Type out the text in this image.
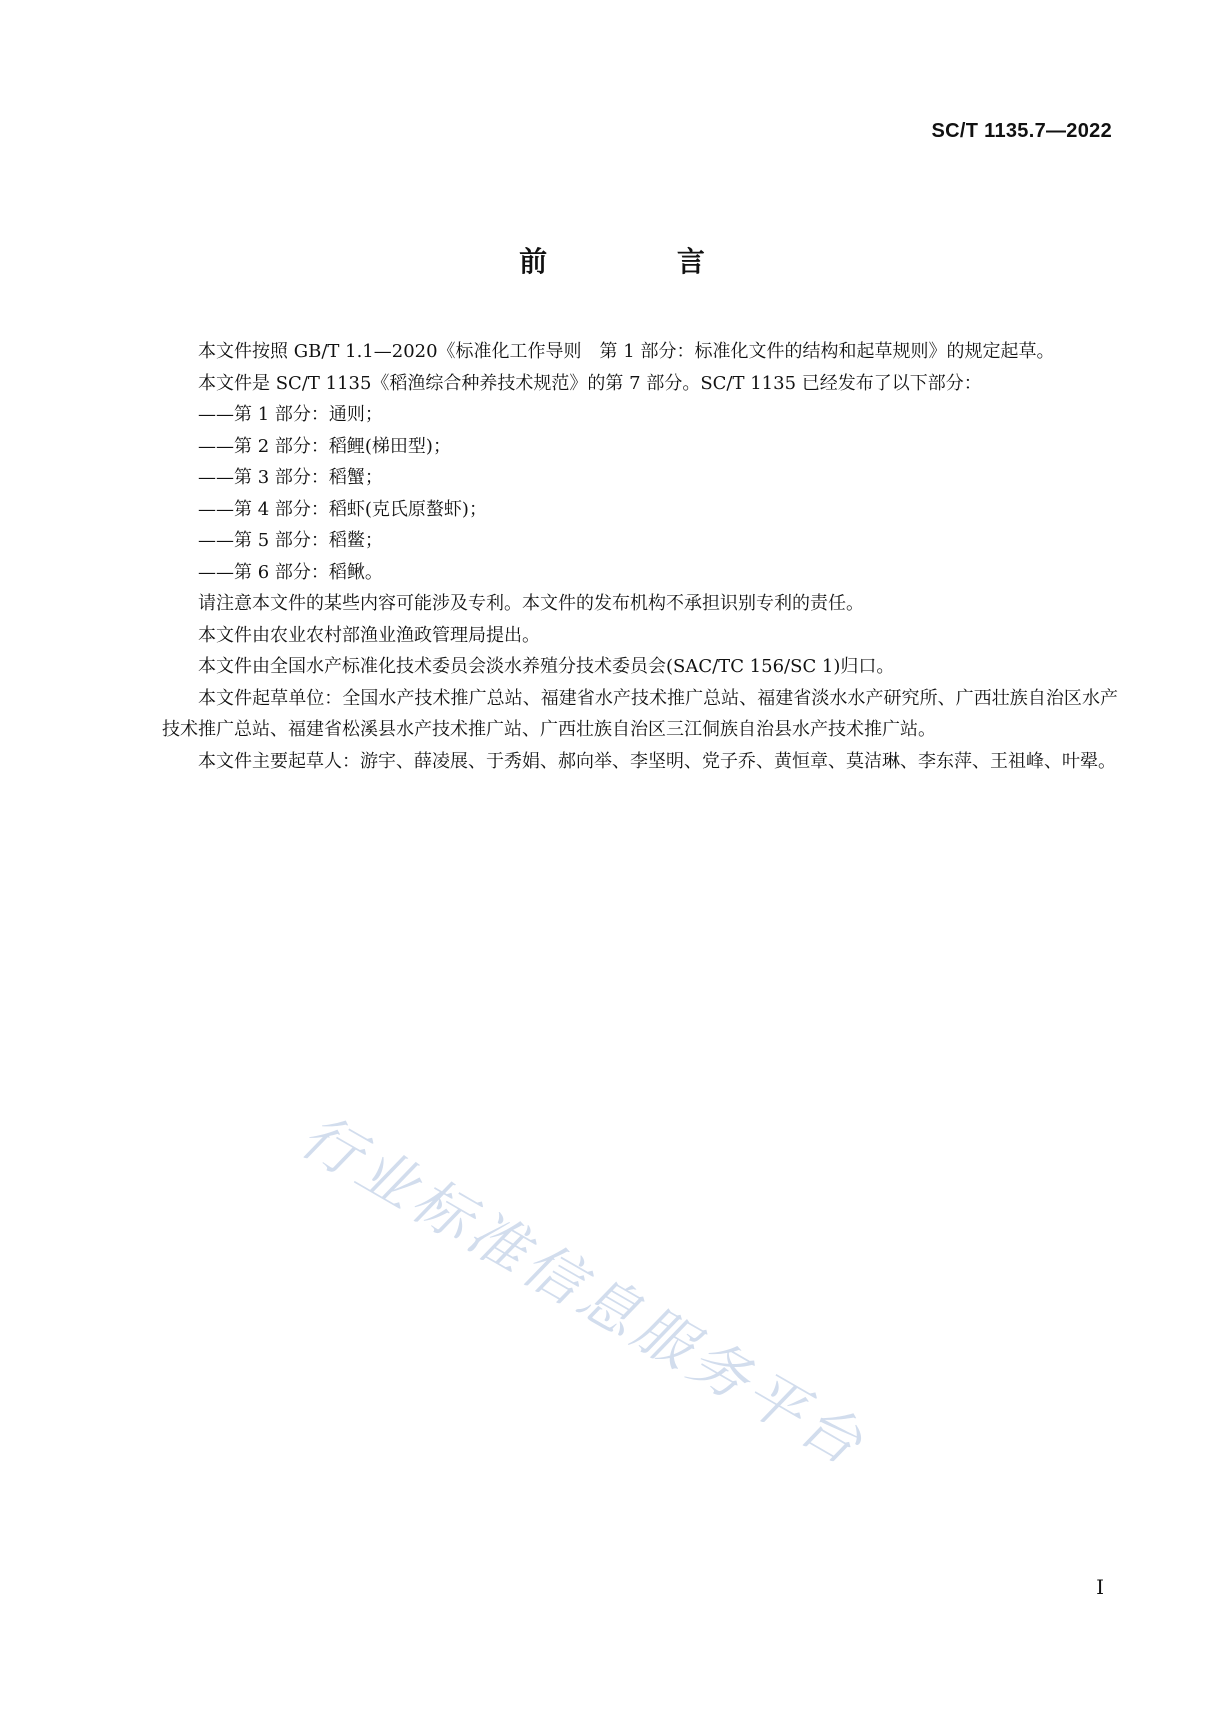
SC/T 1135.7—2022
前 言

本文件按照 GB/T 1.1—2020《标准化工作导则　第 1 部分：标准化文件的结构和起草规则》的规定起草。

本文件是 SC/T 1135《稻渔综合种养技术规范》的第 7 部分。SC/T 1135 已经发布了以下部分：

——第 1 部分：通则；

——第 2 部分：稻鲤(梯田型)；

——第 3 部分：稻蟹；

——第 4 部分：稻虾(克氏原螯虾)；

——第 5 部分：稻鳖；

——第 6 部分：稻鳅。

请注意本文件的某些内容可能涉及专利。本文件的发布机构不承担识别专利的责任。

本文件由农业农村部渔业渔政管理局提出。

本文件由全国水产标准化技术委员会淡水养殖分技术委员会(SAC/TC 156/SC 1)归口。

本文件起草单位：全国水产技术推广总站、福建省水产技术推广总站、福建省淡水水产研究所、广西壮族自治区水产技术推广总站、福建省松溪县水产技术推广站、广西壮族自治区三江侗族自治县水产技术推广站。

本文件主要起草人：游宇、薛凌展、于秀娟、郝向举、李坚明、党子乔、黄恒章、莫洁琳、李东萍、王祖峰、叶翚。

行业标准信息服务平台
I
